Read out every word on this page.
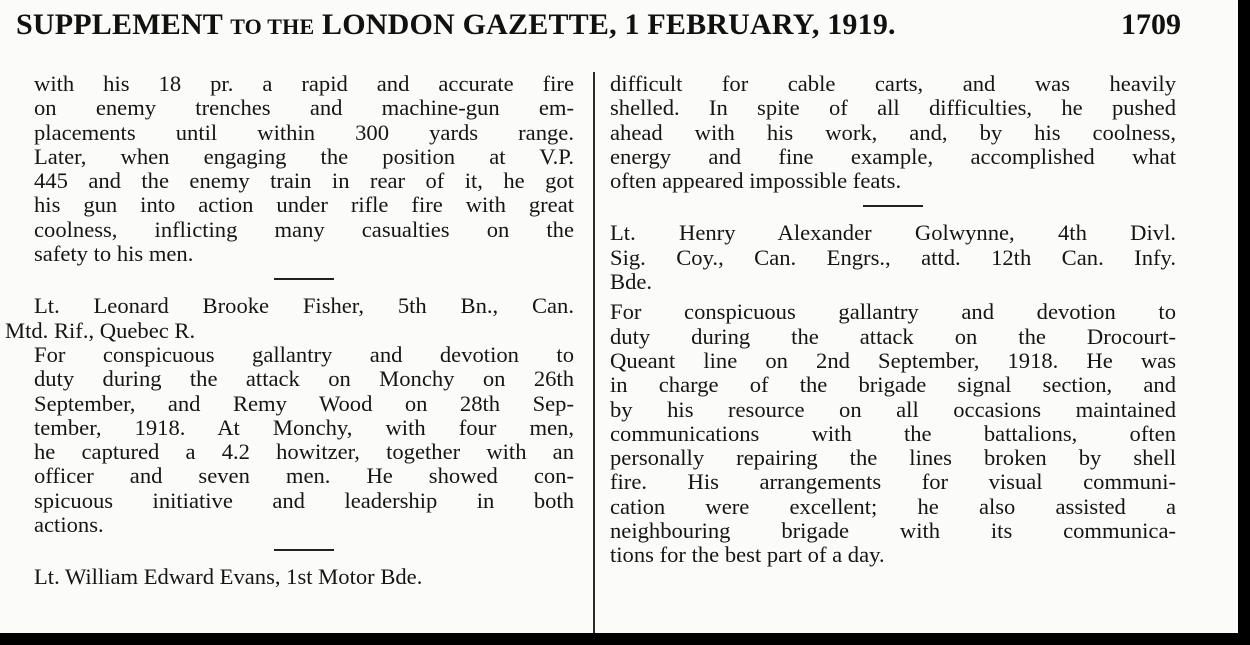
SUPPLEMENT TO THE LONDON GAZETTE, 1 FEBRUARY, 1919.	1709
with his 18 pr. a rapid and accurate fire
on enemy trenches and machine-gun em-
placements until within 300 yards range.
Later, when engaging the position at V.P.
445 and the enemy train in rear of it, he got
his gun into action under rifle fire with great
coolness, inflicting many casualties on the
safety to his men.
Lt. Leonard Brooke Fisher, 5th Bn., Can.
Mtd. Rif., Quebec R.
For conspicuous gallantry and devotion to
duty during the attack on Monchy on 26th
September, and Remy Wood on 28th Sep-
tember, 1918. At Monchy, with four men,
he captured a 4.2 howitzer, together with an
officer and seven men. He showed con-
spicuous initiative and leadership in both
actions.
Lt. William Edward Evans, 1st Motor Bde.
difficult for cable carts, and was heavily
shelled. In spite of all difficulties, he pushed
ahead with his work, and, by his coolness,
energy and fine example, accomplished what
often appeared impossible feats.
Lt. Henry Alexander Golwynne, 4th Divl.
Sig. Coy., Can. Engrs., attd. 12th Can. Infy.
Bde.
For conspicuous gallantry and devotion to
duty during the attack on the Drocourt-
Queant line on 2nd September, 1918. He was
in charge of the brigade signal section, and
by his resource on all occasions maintained
communications with the battalions, often
personally repairing the lines broken by shell
fire. His arrangements for visual communi-
cation were excellent; he also assisted a
neighbouring brigade with its communica-
tions for the best part of a day.
